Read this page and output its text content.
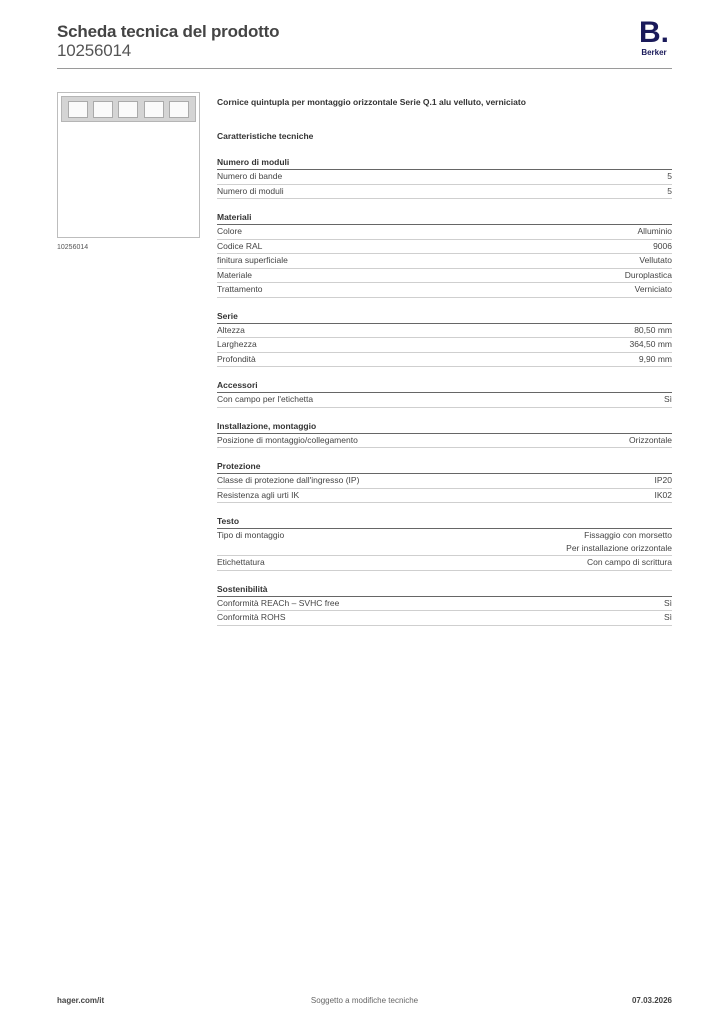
Scheda tecnica del prodotto
10256014
B.
Berker
10256014
Cornice quintupla per montaggio orizzontale Serie Q.1 alu velluto, verniciato
Caratteristiche tecniche
Numero di moduli
Numero di bande	5
Numero di moduli	5
Materiali
Colore	Alluminio
Codice RAL	9006
finitura superficiale	Vellutato
Materiale	Duroplastica
Trattamento	Verniciato
Serie
Altezza	80,50 mm
Larghezza	364,50 mm
Profondità	9,90 mm
Accessori
Con campo per l'etichetta	Sì
Installazione, montaggio
Posizione di montaggio/collegamento	Orizzontale
Protezione
Classe di protezione dall'ingresso (IP)	IP20
Resistenza agli urti IK	IK02
Testo
Tipo di montaggio	Fissaggio con morsetto
Per installazione orizzontale
Etichettatura	Con campo di scrittura
Sostenibilità
Conformità REACh – SVHC free	Sì
Conformità ROHS	Sì
hager.com/it	Soggetto a modifiche tecniche	07.03.2026
